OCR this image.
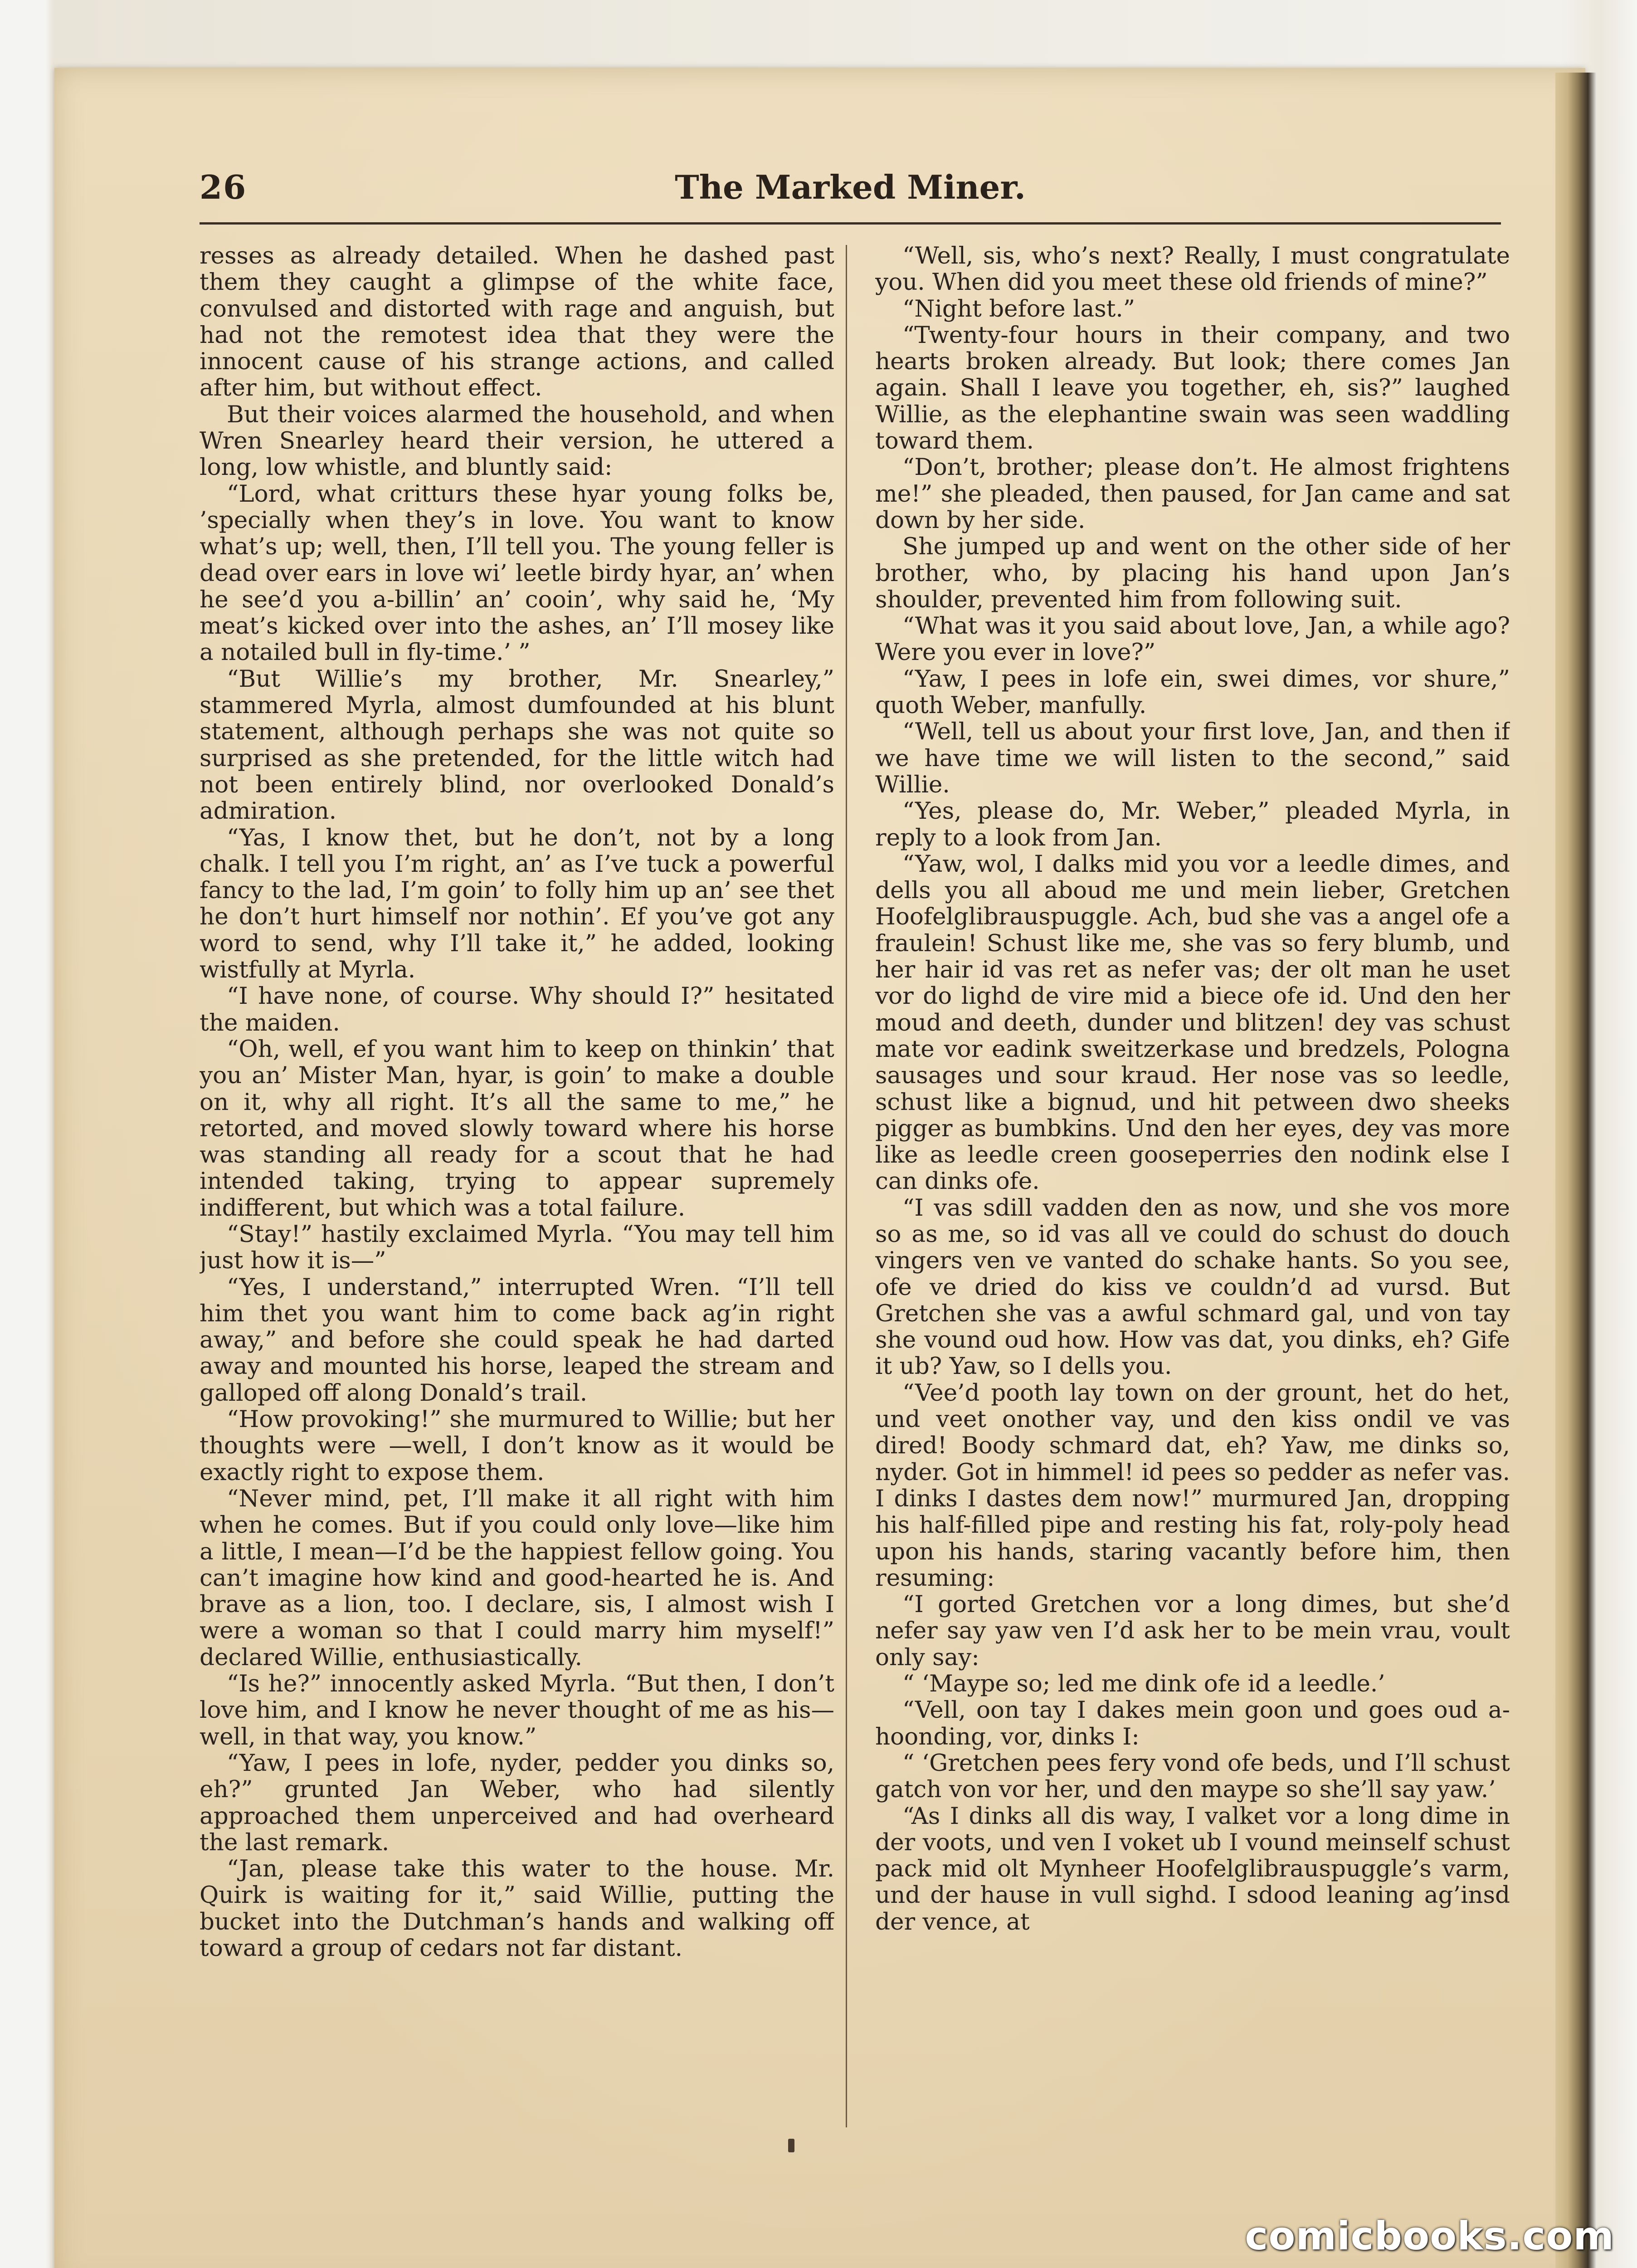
26	The Marked Miner.

resses as already detailed. When he dashed past them they caught a glimpse of the white face, convulsed and distorted with rage and anguish, but had not the remotest idea that they were the innocent cause of his strange actions, and called after him, but without effect.

But their voices alarmed the household, and when Wren Snearley heard their version, he uttered a long, low whistle, and bluntly said:

“Lord, what critturs these hyar young folks be, ’specially when they’s in love. You want to know what’s up; well, then, I’ll tell you. The young feller is dead over ears in love wi’ leetle birdy hyar, an’ when he see’d you a-billin’ an’ cooin’, why said he, ‘My meat’s kicked over into the ashes, an’ I’ll mosey like a notailed bull in fly-time.’ ”

“But Willie’s my brother, Mr. Snearley,” stammered Myrla, almost dumfounded at his blunt statement, although perhaps she was not quite so surprised as she pretended, for the little witch had not been entirely blind, nor overlooked Donald’s admiration.

“Yas, I know thet, but he don’t, not by a long chalk. I tell you I’m right, an’ as I’ve tuck a powerful fancy to the lad, I’m goin’ to folly him up an’ see thet he don’t hurt himself nor nothin’. Ef you’ve got any word to send, why I’ll take it,” he added, looking wistfully at Myrla.

“I have none, of course. Why should I?” hesitated the maiden.

“Oh, well, ef you want him to keep on thinkin’ that you an’ Mister Man, hyar, is goin’ to make a double on it, why all right. It’s all the same to me,” he retorted, and moved slowly toward where his horse was standing all ready for a scout that he had intended taking, trying to appear supremely indifferent, but which was a total failure.

“Stay!” hastily exclaimed Myrla. “You may tell him just how it is—”

“Yes, I understand,” interrupted Wren. “I’ll tell him thet you want him to come back ag’in right away,” and before she could speak he had darted away and mounted his horse, leaped the stream and galloped off along Donald’s trail.

“How provoking!” she murmured to Willie; but her thoughts were —well, I don’t know as it would be exactly right to expose them.

“Never mind, pet, I’ll make it all right with him when he comes. But if you could only love—like him a little, I mean—I’d be the happiest fellow going. You can’t imagine how kind and good-hearted he is. And brave as a lion, too. I declare, sis, I almost wish I were a woman so that I could marry him myself!” declared Willie, enthusiastically.

“Is he?” innocently asked Myrla. “But then, I don’t love him, and I know he never thought of me as his—well, in that way, you know.”

“Yaw, I pees in lofe, nyder, pedder you dinks so, eh?” grunted Jan Weber, who had silently approached them unperceived and had overheard the last remark.

“Jan, please take this water to the house. Mr. Quirk is waiting for it,” said Willie, putting the bucket into the Dutchman’s hands and walking off toward a group of cedars not far distant.

“Well, sis, who’s next? Really, I must congratulate you. When did you meet these old friends of mine?”

“Night before last.”

“Twenty-four hours in their company, and two hearts broken already. But look; there comes Jan again. Shall I leave you together, eh, sis?” laughed Willie, as the elephantine swain was seen waddling toward them.

“Don’t, brother; please don’t. He almost frightens me!” she pleaded, then paused, for Jan came and sat down by her side.

She jumped up and went on the other side of her brother, who, by placing his hand upon Jan’s shoulder, prevented him from following suit.

“What was it you said about love, Jan, a while ago? Were you ever in love?”

“Yaw, I pees in lofe ein, swei dimes, vor shure,” quoth Weber, manfully.

“Well, tell us about your first love, Jan, and then if we have time we will listen to the second,” said Willie.

“Yes, please do, Mr. Weber,” pleaded Myrla, in reply to a look from Jan.

“Yaw, wol, I dalks mid you vor a leedle dimes, and dells you all aboud me und mein lieber, Gretchen Hoofelglibrauspuggle. Ach, bud she vas a angel ofe a fraulein! Schust like me, she vas so fery blumb, und her hair id vas ret as nefer vas; der olt man he uset vor do lighd de vire mid a biece ofe id. Und den her moud and deeth, dunder und blitzen! dey vas schust mate vor eadink sweitzerkase und bredzels, Pologna sausages und sour kraud. Her nose vas so leedle, schust like a bignud, und hit petween dwo sheeks pigger as bumbkins. Und den her eyes, dey vas more like as leedle creen gooseperries den nodink else I can dinks ofe.

“I vas sdill vadden den as now, und she vos more so as me, so id vas all ve could do schust do douch vingers ven ve vanted do schake hants. So you see, ofe ve dried do kiss ve couldn’d ad vursd. But Gretchen she vas a awful schmard gal, und von tay she vound oud how. How vas dat, you dinks, eh? Gife it ub? Yaw, so I dells you.

“Vee’d pooth lay town on der grount, het do het, und veet onother vay, und den kiss ondil ve vas dired! Boody schmard dat, eh? Yaw, me dinks so, nyder. Got in himmel! id pees so pedder as nefer vas. I dinks I dastes dem now!” murmured Jan, dropping his half-filled pipe and resting his fat, roly-poly head upon his hands, staring vacantly before him, then resuming:

“I gorted Gretchen vor a long dimes, but she’d nefer say yaw ven I’d ask her to be mein vrau, voult only say:

“ ‘Maype so; led me dink ofe id a leedle.’

“Vell, oon tay I dakes mein goon und goes oud a-hoonding, vor, dinks I:

“ ‘Gretchen pees fery vond ofe beds, und I’ll schust gatch von vor her, und den maype so she’ll say yaw.’

“As I dinks all dis way, I valket vor a long dime in der voots, und ven I voket ub I vound meinself schust pack mid olt Mynheer Hoofelglibrauspuggle’s varm, und der hause in vull sighd. I sdood leaning ag’insd der vence, at

comicbooks.com
